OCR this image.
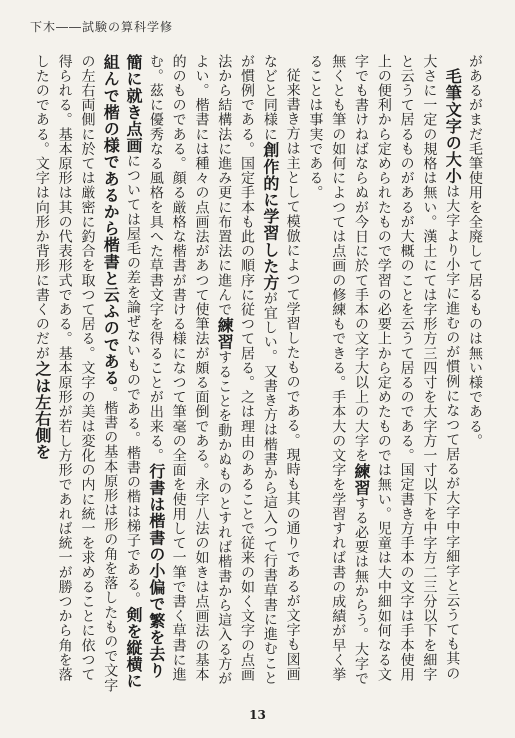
下木――試験の算科学修

があるがまだ毛筆使用を全廃して居るものは無い様である。

毛筆文字の大小は大字より小字に進むのが慣例になつて居るが大字中字細字と云うても其の大さに一定の規格は無い。漢土にては字形方三四寸を大字方一寸以下を中字方二三分以下を細字と云うて居るものがあるが大概のことを云うて居るのである。国定書き方手本の文字は手本使用上の便利から定められたもので学習の必要上から定めたものでは無い。児童は大中細如何なる文字でも書けねばならぬが今日に於て手本の文字大以上の大字を練習する必要は無からう。大字で無くとも筆の如何によつては点画の修練もできる。手本大の文字を学習すれば書の成績が早く挙ることは事実である。

従来書き方は主として模倣によつて学習したものである。現時も其の通りであるが文字も図画などと同様に創作的に学習した方が宜しい。又書き方は楷書から這入つて行書草書に進むことが慣例である。国定手本も此の順序に従つて居る。之は理由のあることで従来の如く文字の点画法から結構法に進み更に布置法に進んで練習することを動かぬものとすれば楷書から這入る方がよい。楷書には種々の点画法があつて使筆法が頗る面倒である。永字八法の如きは点画法の基本的のものである。顔る厳格な楷書が書ける様になつて筆毫の全面を使用して一筆で書く草書に進む。茲に優秀なる風格を具へた草書文字を得ることが出来る。行書は楷書の小偏で繁を去り簡に就き点画については屋毛の差を論ぜないものである。楷書の楷は梯子である。剣を縦横に組んで楷の様であるから楷書と云ふのである。楷書の基本原形は形の角を落したもので文字の左右両側に於ては厳密に釣合を取つて居る。文字の美は変化の内に統一を求めることに依つて得られる。基本原形は其の代表形式である。基本原形が若し方形であれば統一が勝つから角を落したのである。文字は向形か背形に書くのだが之は左右側を

13
